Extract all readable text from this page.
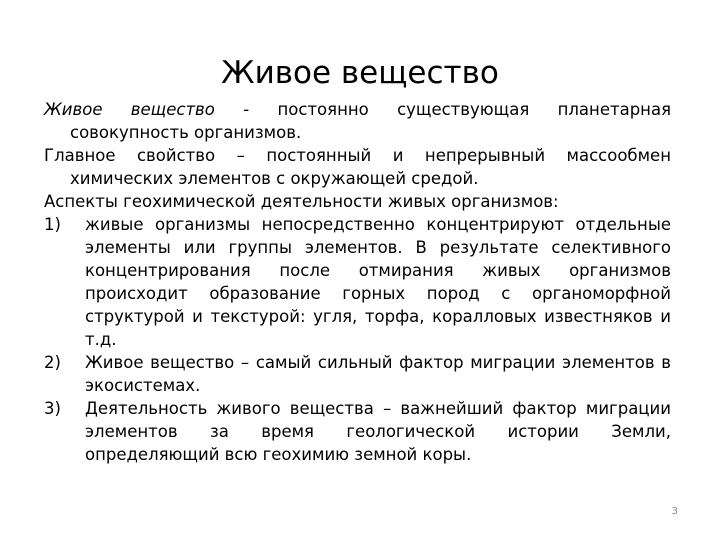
Живое вещество

Живое вещество - постоянно существующая планетарная совокупность организмов.

Главное свойство – постоянный и непрерывный массообмен химических элементов с окружающей средой.

Аспекты геохимической деятельности живых организмов:

1) живые организмы непосредственно концентрируют отдельные элементы или группы элементов. В результате селективного концентрирования после отмирания живых организмов происходит образование горных пород с органоморфной структурой и текстурой: угля, торфа, коралловых известняков и т.д.

2) Живое вещество – самый сильный фактор миграции элементов в экосистемах.

3) Деятельность живого вещества – важнейший фактор миграции элементов за время геологической истории Земли, определяющий всю геохимию земной коры.

3
